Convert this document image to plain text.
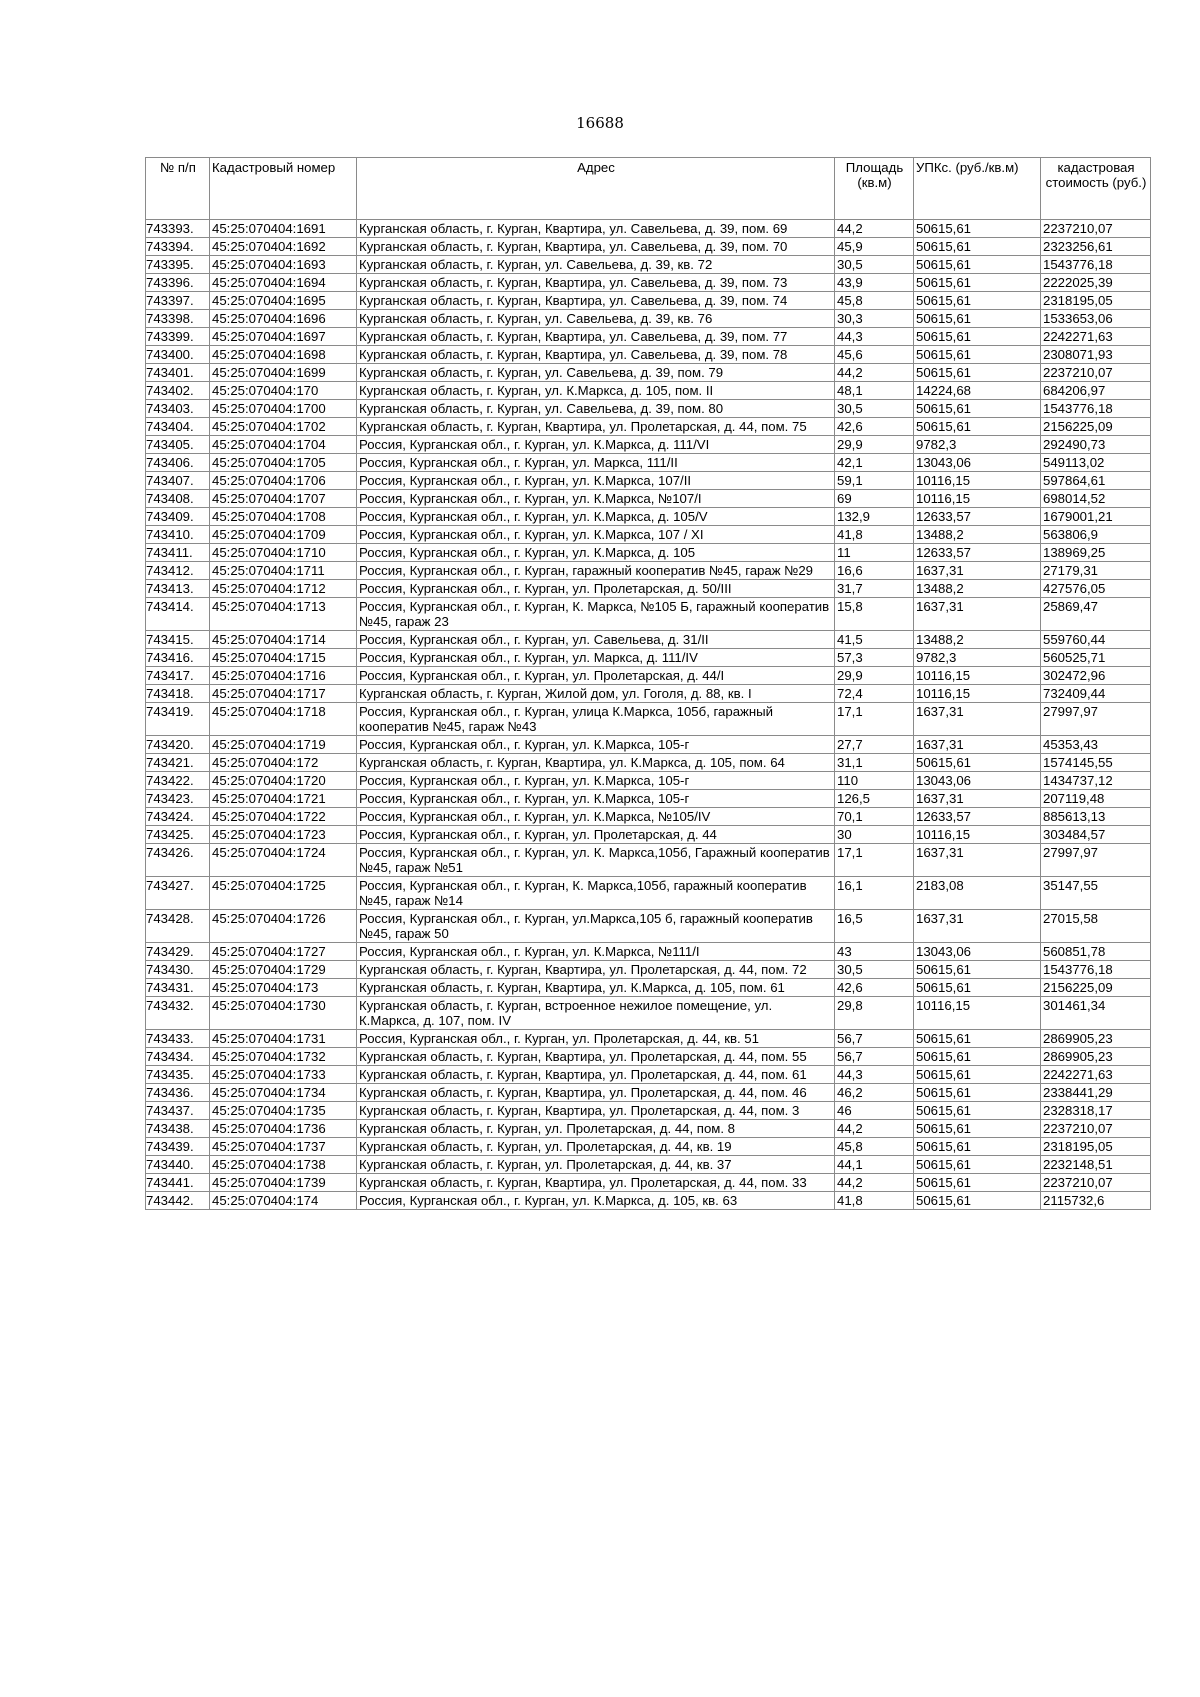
16688
№ п/п	Кадастровый номер	Адрес	Площадь (кв.м)	УПКс. (руб./кв.м)	кадастровая стоимость (руб.)
743393.	45:25:070404:1691	Курганская область, г. Курган, Квартира, ул. Савельева, д. 39, пом. 69	44,2	50615,61	2237210,07
743394.	45:25:070404:1692	Курганская область, г. Курган, Квартира, ул. Савельева, д. 39, пом. 70	45,9	50615,61	2323256,61
743395.	45:25:070404:1693	Курганская область, г. Курган, ул. Савельева, д. 39, кв. 72	30,5	50615,61	1543776,18
743396.	45:25:070404:1694	Курганская область, г. Курган, Квартира, ул. Савельева, д. 39, пом. 73	43,9	50615,61	2222025,39
743397.	45:25:070404:1695	Курганская область, г. Курган, Квартира, ул. Савельева, д. 39, пом. 74	45,8	50615,61	2318195,05
743398.	45:25:070404:1696	Курганская область, г. Курган, ул. Савельева, д. 39, кв. 76	30,3	50615,61	1533653,06
743399.	45:25:070404:1697	Курганская область, г. Курган, Квартира, ул. Савельева, д. 39, пом. 77	44,3	50615,61	2242271,63
743400.	45:25:070404:1698	Курганская область, г. Курган, Квартира, ул. Савельева, д. 39, пом. 78	45,6	50615,61	2308071,93
743401.	45:25:070404:1699	Курганская область, г. Курган, ул. Савельева, д. 39, пом. 79	44,2	50615,61	2237210,07
743402.	45:25:070404:170	Курганская область, г. Курган, ул. К.Маркса, д. 105, пом. II	48,1	14224,68	684206,97
743403.	45:25:070404:1700	Курганская область, г. Курган, ул. Савельева, д. 39, пом. 80	30,5	50615,61	1543776,18
743404.	45:25:070404:1702	Курганская область, г. Курган, Квартира, ул. Пролетарская, д. 44, пом. 75	42,6	50615,61	2156225,09
743405.	45:25:070404:1704	Россия, Курганская обл., г. Курган, ул. К.Маркса, д. 111/VI	29,9	9782,3	292490,73
743406.	45:25:070404:1705	Россия, Курганская обл., г. Курган, ул. Маркса, 111/II	42,1	13043,06	549113,02
743407.	45:25:070404:1706	Россия, Курганская обл., г. Курган, ул. К.Маркса, 107/II	59,1	10116,15	597864,61
743408.	45:25:070404:1707	Россия, Курганская обл., г. Курган, ул. К.Маркса, №107/I	69	10116,15	698014,52
743409.	45:25:070404:1708	Россия, Курганская обл., г. Курган, ул. К.Маркса, д. 105/V	132,9	12633,57	1679001,21
743410.	45:25:070404:1709	Россия, Курганская обл., г. Курган, ул. К.Маркса, 107 / XI	41,8	13488,2	563806,9
743411.	45:25:070404:1710	Россия, Курганская обл., г. Курган, ул. К.Маркса, д. 105	11	12633,57	138969,25
743412.	45:25:070404:1711	Россия, Курганская обл., г. Курган, гаражный кооператив №45, гараж №29	16,6	1637,31	27179,31
743413.	45:25:070404:1712	Россия, Курганская обл., г. Курган, ул. Пролетарская, д. 50/III	31,7	13488,2	427576,05
743414.	45:25:070404:1713	Россия, Курганская обл., г. Курган, К. Маркса, №105 Б, гаражный кооператив №45, гараж 23	15,8	1637,31	25869,47
743415.	45:25:070404:1714	Россия, Курганская обл., г. Курган, ул. Савельева, д. 31/II	41,5	13488,2	559760,44
743416.	45:25:070404:1715	Россия, Курганская обл., г. Курган, ул. Маркса, д. 111/IV	57,3	9782,3	560525,71
743417.	45:25:070404:1716	Россия, Курганская обл., г. Курган, ул. Пролетарская, д. 44/I	29,9	10116,15	302472,96
743418.	45:25:070404:1717	Курганская область, г. Курган, Жилой дом, ул. Гоголя, д. 88, кв. I	72,4	10116,15	732409,44
743419.	45:25:070404:1718	Россия, Курганская обл., г. Курган, улица К.Маркса, 105б, гаражный кооператив №45, гараж №43	17,1	1637,31	27997,97
743420.	45:25:070404:1719	Россия, Курганская обл., г. Курган, ул. К.Маркса, 105-г	27,7	1637,31	45353,43
743421.	45:25:070404:172	Курганская область, г. Курган, Квартира, ул. К.Маркса, д. 105, пом. 64	31,1	50615,61	1574145,55
743422.	45:25:070404:1720	Россия, Курганская обл., г. Курган, ул. К.Маркса, 105-г	110	13043,06	1434737,12
743423.	45:25:070404:1721	Россия, Курганская обл., г. Курган, ул. К.Маркса, 105-г	126,5	1637,31	207119,48
743424.	45:25:070404:1722	Россия, Курганская обл., г. Курган, ул. К.Маркса, №105/IV	70,1	12633,57	885613,13
743425.	45:25:070404:1723	Россия, Курганская обл., г. Курган, ул. Пролетарская, д. 44	30	10116,15	303484,57
743426.	45:25:070404:1724	Россия, Курганская обл., г. Курган, ул. К. Маркса,105б, Гаражный кооператив №45, гараж №51	17,1	1637,31	27997,97
743427.	45:25:070404:1725	Россия, Курганская обл., г. Курган, К. Маркса,105б, гаражный кооператив №45, гараж №14	16,1	2183,08	35147,55
743428.	45:25:070404:1726	Россия, Курганская обл., г. Курган, ул.Маркса,105 б, гаражный кооператив №45, гараж 50	16,5	1637,31	27015,58
743429.	45:25:070404:1727	Россия, Курганская обл., г. Курган, ул. К.Маркса, №111/I	43	13043,06	560851,78
743430.	45:25:070404:1729	Курганская область, г. Курган, Квартира, ул. Пролетарская, д. 44, пом. 72	30,5	50615,61	1543776,18
743431.	45:25:070404:173	Курганская область, г. Курган, Квартира, ул. К.Маркса, д. 105, пом. 61	42,6	50615,61	2156225,09
743432.	45:25:070404:1730	Курганская область, г. Курган, встроенное нежилое помещение, ул. К.Маркса, д. 107, пом. IV	29,8	10116,15	301461,34
743433.	45:25:070404:1731	Россия, Курганская обл., г. Курган, ул. Пролетарская, д. 44, кв. 51	56,7	50615,61	2869905,23
743434.	45:25:070404:1732	Курганская область, г. Курган, Квартира, ул. Пролетарская, д. 44, пом. 55	56,7	50615,61	2869905,23
743435.	45:25:070404:1733	Курганская область, г. Курган, Квартира, ул. Пролетарская, д. 44, пом. 61	44,3	50615,61	2242271,63
743436.	45:25:070404:1734	Курганская область, г. Курган, Квартира, ул. Пролетарская, д. 44, пом. 46	46,2	50615,61	2338441,29
743437.	45:25:070404:1735	Курганская область, г. Курган, Квартира, ул. Пролетарская, д. 44, пом. 3	46	50615,61	2328318,17
743438.	45:25:070404:1736	Курганская область, г. Курган, ул. Пролетарская, д. 44, пом. 8	44,2	50615,61	2237210,07
743439.	45:25:070404:1737	Курганская область, г. Курган, ул. Пролетарская, д. 44, кв. 19	45,8	50615,61	2318195,05
743440.	45:25:070404:1738	Курганская область, г. Курган, ул. Пролетарская, д. 44, кв. 37	44,1	50615,61	2232148,51
743441.	45:25:070404:1739	Курганская область, г. Курган, Квартира, ул. Пролетарская, д. 44, пом. 33	44,2	50615,61	2237210,07
743442.	45:25:070404:174	Россия, Курганская обл., г. Курган, ул. К.Маркса, д. 105, кв. 63	41,8	50615,61	2115732,6
